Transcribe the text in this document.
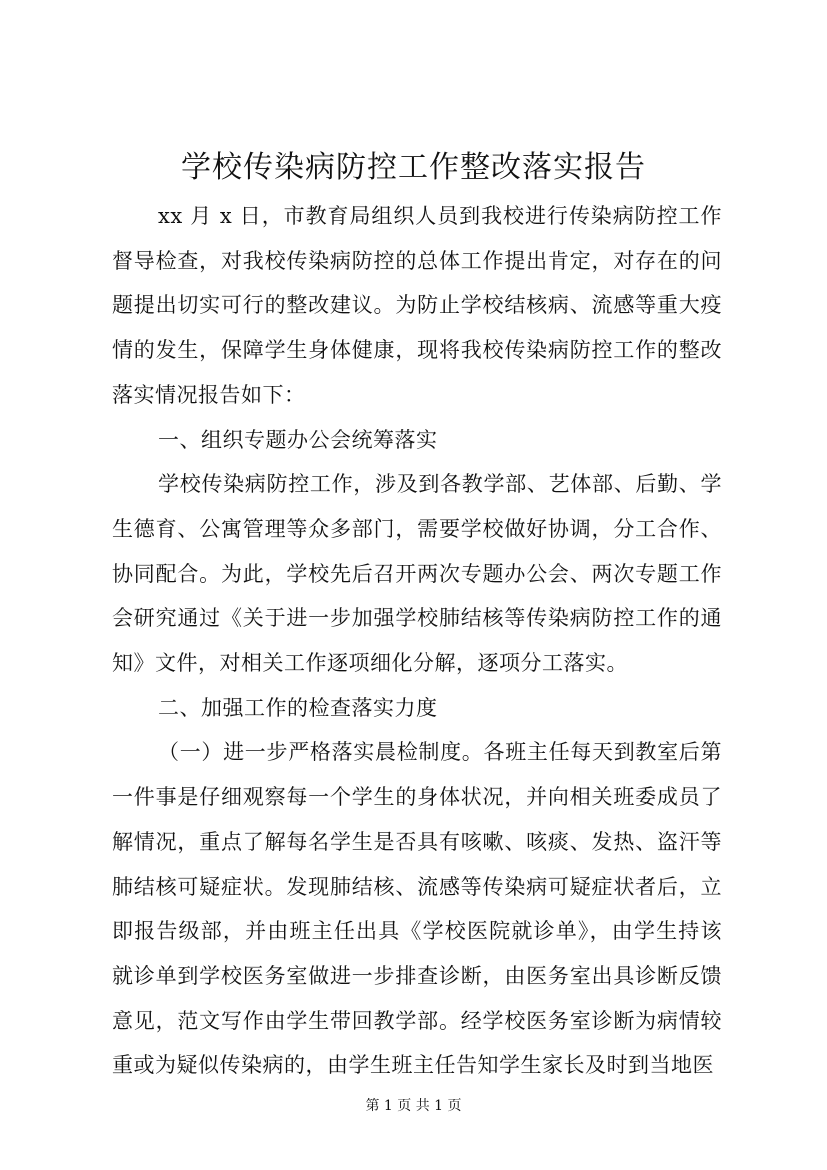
学校传染病防控工作整改落实报告

xx 月 x 日，市教育局组织人员到我校进行传染病防控工作督导检查，对我校传染病防控的总体工作提出肯定，对存在的问题提出切实可行的整改建议。为防止学校结核病、流感等重大疫情的发生，保障学生身体健康，现将我校传染病防控工作的整改落实情况报告如下：

一、组织专题办公会统筹落实

学校传染病防控工作，涉及到各教学部、艺体部、后勤、学生德育、公寓管理等众多部门，需要学校做好协调，分工合作、协同配合。为此，学校先后召开两次专题办公会、两次专题工作会研究通过《关于进一步加强学校肺结核等传染病防控工作的通知》文件，对相关工作逐项细化分解，逐项分工落实。

二、加强工作的检查落实力度

（一）进一步严格落实晨检制度。各班主任每天到教室后第一件事是仔细观察每一个学生的身体状况，并向相关班委成员了解情况，重点了解每名学生是否具有咳嗽、咳痰、发热、盗汗等肺结核可疑症状。发现肺结核、流感等传染病可疑症状者后，立即报告级部，并由班主任出具《学校医院就诊单》，由学生持该就诊单到学校医务室做进一步排查诊断，由医务室出具诊断反馈意见，范文写作由学生带回教学部。经学校医务室诊断为病情较重或为疑似传染病的，由学生班主任告知学生家长及时到当地医

第 1 页 共 1 页
